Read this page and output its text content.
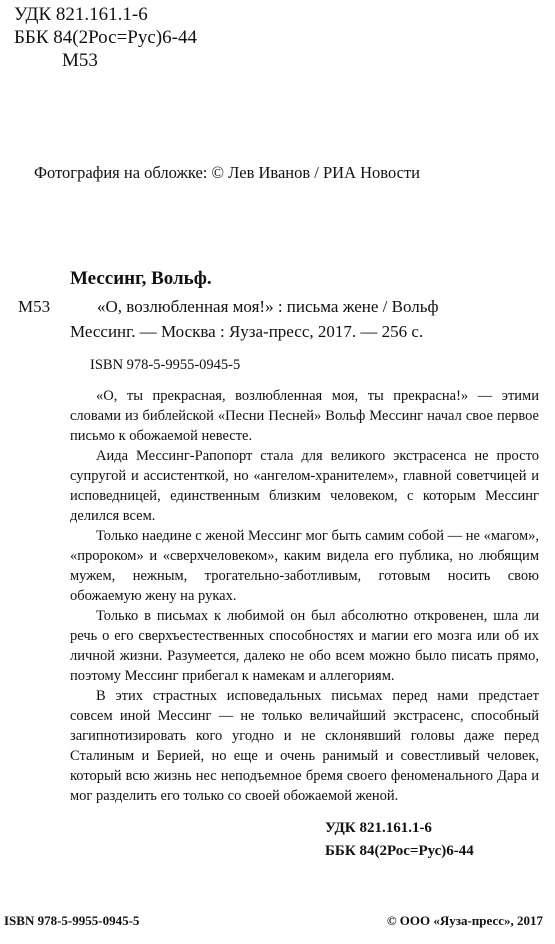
УДК 821.161.1-6
ББК 84(2Рос=Рус)6-44
М53
Фотография на обложке: © Лев Иванов / РИА Новости
Мессинг, Вольф.
М53	«О, возлюбленная моя!» : письма жене / Вольф
Мессинг. — Москва : Яуза-пресс, 2017. — 256 с.
ISBN 978-5-9955-0945-5

«О, ты прекрасная, возлюбленная моя, ты прекрасна!» — этими словами из библейской «Песни Песней» Вольф Мессинг начал свое первое письмо к обожаемой невесте.

Аида Мессинг-Рапопорт стала для великого экстрасенса не просто супругой и ассистенткой, но «ангелом-хранителем», главной советчицей и исповедницей, единственным близким человеком, с которым Мессинг делился всем.

Только наедине с женой Мессинг мог быть самим собой — не «магом», «пророком» и «сверхчеловеком», каким видела его публика, но любящим мужем, нежным, трогательно-заботливым, готовым носить свою обожаемую жену на руках.

Только в письмах к любимой он был абсолютно откровенен, шла ли речь о его сверхъестественных способностях и магии его мозга или об их личной жизни. Разумеется, далеко не обо всем можно было писать прямо, поэтому Мессинг прибегал к намекам и аллегориям.

В этих страстных исповедальных письмах перед нами предстает совсем иной Мессинг — не только величайший экстрасенс, способный загипнотизировать кого угодно и не склонявший головы даже перед Сталиным и Берией, но еще и очень ранимый и совестливый человек, который всю жизнь нес неподъемное бремя своего феноменального Дара и мог разделить его только со своей обожаемой женой.

УДК 821.161.1-6
ББК 84(2Рос=Рус)6-44
ISBN 978-5-9955-0945-5	© ООО «Яуза-пресс», 2017
